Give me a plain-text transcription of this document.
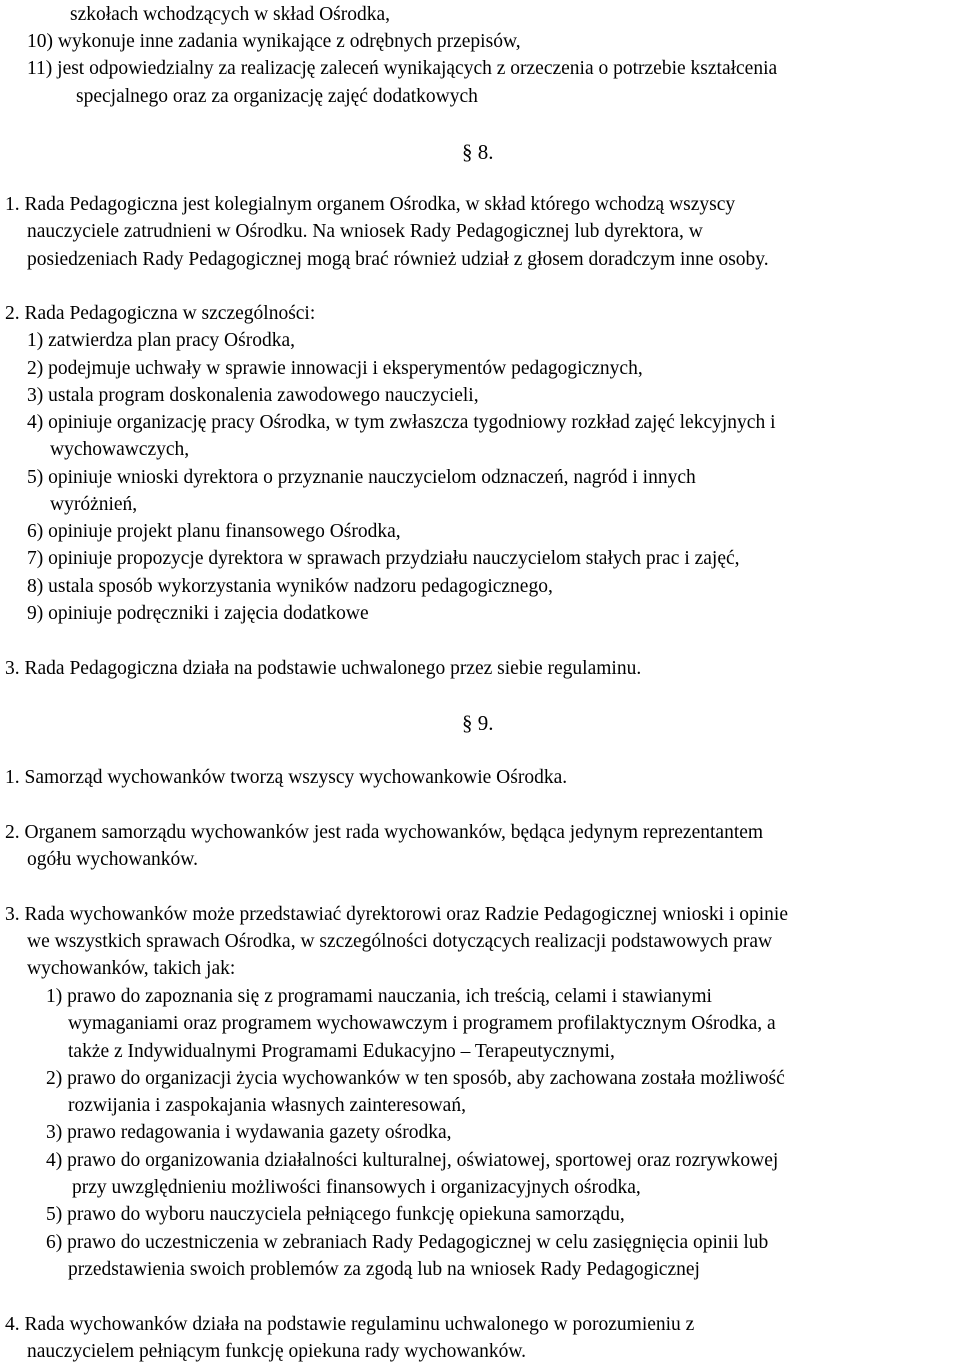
szkołach wchodzących w skład Ośrodka,
10) wykonuje inne zadania wynikające z odrębnych przepisów,
11) jest odpowiedzialny za realizację zaleceń wynikających z orzeczenia o potrzebie kształcenia
specjalnego oraz za organizację zajęć dodatkowych
§ 8.
1. Rada Pedagogiczna jest kolegialnym organem Ośrodka, w skład którego wchodzą wszyscy
nauczyciele zatrudnieni w Ośrodku. Na wniosek Rady Pedagogicznej lub dyrektora, w
posiedzeniach Rady Pedagogicznej mogą brać również udział z głosem doradczym inne osoby.
2. Rada Pedagogiczna w szczególności:
1) zatwierdza plan pracy Ośrodka,
2) podejmuje uchwały w sprawie innowacji i eksperymentów pedagogicznych,
3) ustala program doskonalenia zawodowego nauczycieli,
4) opiniuje organizację pracy Ośrodka, w tym zwłaszcza tygodniowy rozkład zajęć lekcyjnych i
wychowawczych,
5) opiniuje wnioski dyrektora o przyznanie nauczycielom odznaczeń, nagród i innych
wyróżnień,
6) opiniuje projekt planu finansowego Ośrodka,
7) opiniuje propozycje dyrektora w sprawach przydziału nauczycielom stałych prac i zajęć,
8) ustala sposób wykorzystania wyników nadzoru pedagogicznego,
9) opiniuje podręczniki i zajęcia dodatkowe
3. Rada Pedagogiczna działa na podstawie uchwalonego przez siebie regulaminu.
§ 9.
1. Samorząd wychowanków tworzą wszyscy wychowankowie Ośrodka.
2. Organem samorządu wychowanków jest rada wychowanków, będąca jedynym reprezentantem
ogółu wychowanków.
3. Rada wychowanków może przedstawiać dyrektorowi oraz Radzie Pedagogicznej wnioski i opinie
we wszystkich sprawach Ośrodka, w szczególności dotyczących realizacji podstawowych praw
wychowanków, takich jak:
1) prawo do zapoznania się z programami nauczania, ich treścią, celami i stawianymi
wymaganiami oraz programem wychowawczym i programem profilaktycznym Ośrodka, a
także z Indywidualnymi Programami Edukacyjno – Terapeutycznymi,
2) prawo do organizacji życia wychowanków w ten sposób, aby zachowana została możliwość
rozwijania i zaspokajania własnych zainteresowań,
3) prawo redagowania i wydawania gazety ośrodka,
4) prawo do organizowania działalności kulturalnej, oświatowej, sportowej oraz rozrywkowej
przy uwzględnieniu możliwości finansowych i organizacyjnych ośrodka,
5) prawo do wyboru nauczyciela pełniącego funkcję opiekuna samorządu,
6) prawo do uczestniczenia w zebraniach Rady Pedagogicznej w celu zasięgnięcia opinii lub
przedstawienia swoich problemów za zgodą lub na wniosek Rady Pedagogicznej
4. Rada wychowanków działa na podstawie regulaminu uchwalonego w porozumieniu z
nauczycielem pełniącym funkcję opiekuna rady wychowanków.
